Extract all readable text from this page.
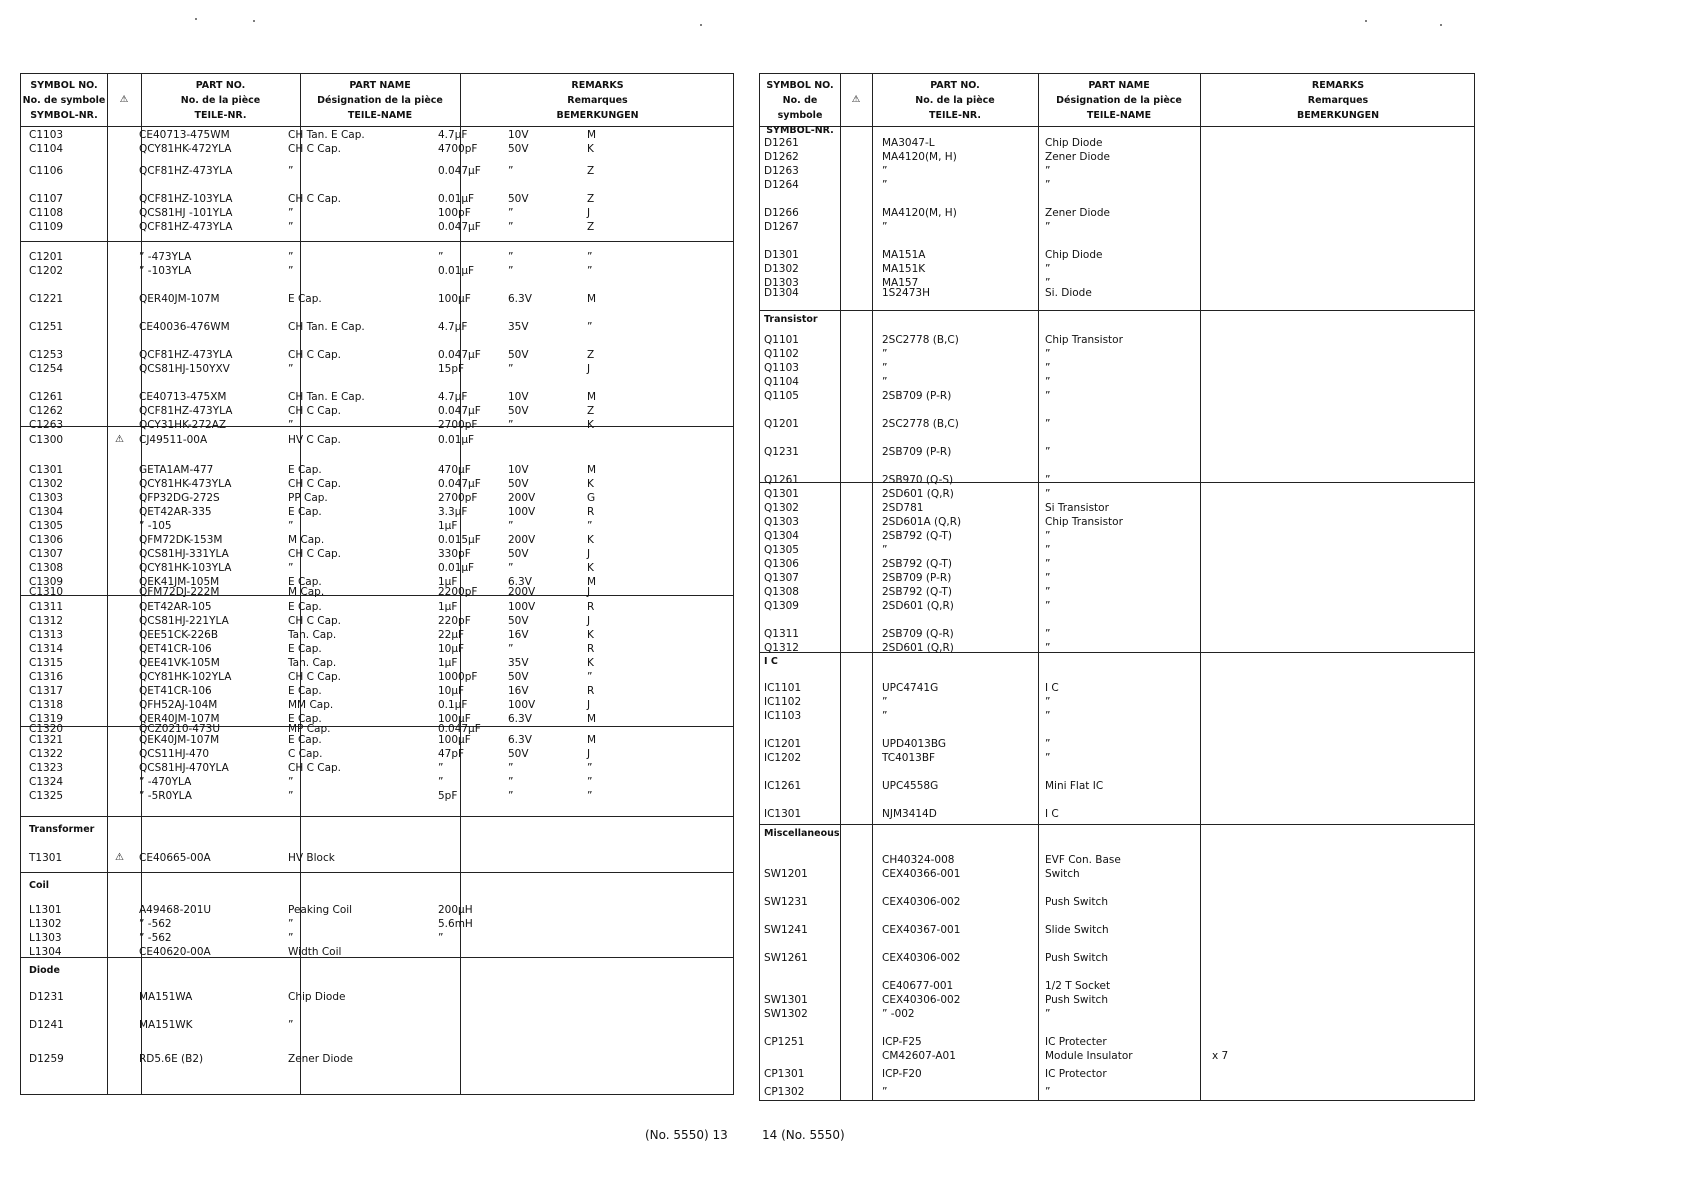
SYMBOL NO.
No. de symbole
SYMBOL-NR.
⚠
PART NO.
No. de la pièce
TEILE-NR.
PART NAME
Désignation de la pièce
TEILE-NAME
REMARKS
Remarques
BEMERKUNGEN
C1103	CE40713-475WM	CH Tan. E Cap.	4.7µF	10V	M
C1104	QCY81HK-472YLA	CH C Cap.	4700pF	50V	K
C1106	QCF81HZ-473YLA	”	0.047µF	”	Z
C1107	QCF81HZ-103YLA	CH C Cap.	0.01µF	50V	Z
C1108	QCS81HJ -101YLA	”	100pF	”	J
C1109	QCF81HZ-473YLA	”	0.047µF	”	Z
C1201	” -473YLA	”	”	”	”
C1202	” -103YLA	”	0.01µF	”	”
C1221	QER40JM-107M	E Cap.	100µF	6.3V	M
C1251	CE40036-476WM	CH Tan. E Cap.	4.7µF	35V	”
C1253	QCF81HZ-473YLA	CH C Cap.	0.047µF	50V	Z
C1254	QCS81HJ-150YXV	”	15pF	”	J
C1261	CE40713-475XM	CH Tan. E Cap.	4.7µF	10V	M
C1262	QCF81HZ-473YLA	CH C Cap.	0.047µF	50V	Z
C1263	QCY31HK-272AZ	”	2700pF	”	K
C1300	⚠ CJ49511-00A	HV C Cap.	0.01µF
C1301	GETA1AM-477	E Cap.	470µF	10V	M
C1302	QCY81HK-473YLA	CH C Cap.	0.047µF	50V	K
C1303	QFP32DG-272S	PP Cap.	2700pF	200V	G
C1304	QET42AR-335	E Cap.	3.3µF	100V	R
C1305	” -105	”	1µF	”	”
C1306	QFM72DK-153M	M Cap.	0.015µF	200V	K
C1307	QCS81HJ-331YLA	CH C Cap.	330pF	50V	J
C1308	QCY81HK-103YLA	”	0.01µF	”	K
C1309	QEK41JM-105M	E Cap.	1µF	6.3V	M
C1310	QFM72DJ-222M	M Cap.	2200pF	200V	J
C1311	QET42AR-105	E Cap.	1µF	100V	R
C1312	QCS81HJ-221YLA	CH C Cap.	220pF	50V	J
C1313	QEE51CK-226B	Tan. Cap.	22µF	16V	K
C1314	QET41CR-106	E Cap.	10µF	”	R
C1315	QEE41VK-105M	Tan. Cap.	1µF	35V	K
C1316	QCY81HK-102YLA	CH C Cap.	1000pF	50V	”
C1317	QET41CR-106	E Cap.	10µF	16V	R
C1318	QFH52AJ-104M	MM Cap.	0.1µF	100V	J
C1319	QER40JM-107M	E Cap.	100µF	6.3V	M
C1320	QCZ0210-473U	MP Cap.	0.047µF
C1321	QEK40JM-107M	E Cap.	100µF	6.3V	M
C1322	QCS11HJ-470	C Cap.	47pF	50V	J
C1323	QCS81HJ-470YLA	CH C Cap.	”	”	”
C1324	” -470YLA	”	”	”	”
C1325	” -5R0YLA	”	5pF	”	”
Transformer
T1301	⚠ CE40665-00A	HV Block
Coil
L1301	A49468-201U	Peaking Coil	200µH
L1302	” -562	”	5.6mH
L1303	” -562	”	”
L1304	CE40620-00A	Width Coil
Diode
D1231	MA151WA	Chip Diode
D1241	MA151WK	”
D1259	RD5.6E (B2)	Zener Diode
SYMBOL NO.
No. de symbole
SYMBOL-NR.
⚠
PART NO.
No. de la pièce
TEILE-NR.
PART NAME
Désignation de la pièce
TEILE-NAME
REMARKS
Remarques
BEMERKUNGEN
D1261	MA3047-L	Chip Diode
D1262	MA4120(M, H)	Zener Diode
D1263	”	”
D1264	”	”
D1266	MA4120(M, H)	Zener Diode
D1267	”	”
D1301	MA151A	Chip Diode
D1302	MA151K	”
D1303	MA157	”
D1304	1S2473H	Si. Diode
Transistor
Q1101	2SC2778 (B,C)	Chip Transistor
Q1102	”	”
Q1103	”	”
Q1104	”	”
Q1105	2SB709 (P-R)	”
Q1201	2SC2778 (B,C)	”
Q1231	2SB709 (P-R)	”
Q1261	2SB970 (Q-S)	”
Q1301	2SD601 (Q,R)	”
Q1302	2SD781	Si Transistor
Q1303	2SD601A (Q,R)	Chip Transistor
Q1304	2SB792 (Q-T)	”
Q1305	”	”
Q1306	2SB792 (Q-T)	”
Q1307	2SB709 (P-R)	”
Q1308	2SB792 (Q-T)	”
Q1309	2SD601 (Q,R)	”
Q1311	2SB709 (Q-R)	”
Q1312	2SD601 (Q,R)	”
I C
IC1101	UPC4741G	I C
IC1102	”	”
IC1103	”	”
IC1201	UPD4013BG	”
IC1202	TC4013BF	”
IC1261	UPC4558G	Mini Flat IC
IC1301	NJM3414D	I C
Miscellaneous
CH40324-008	EVF Con. Base
SW1201	CEX40366-001	Switch
SW1231	CEX40306-002	Push Switch
SW1241	CEX40367-001	Slide Switch
SW1261	CEX40306-002	Push Switch
CE40677-001	1/2 T Socket
SW1301	CEX40306-002	Push Switch
SW1302	” -002	”
CP1251	ICP-F25	IC Protecter
CM42607-A01	Module Insulator	x 7
CP1301	ICP-F20	IC Protector
CP1302	”	”
(No. 5550) 13	14 (No. 5550)
